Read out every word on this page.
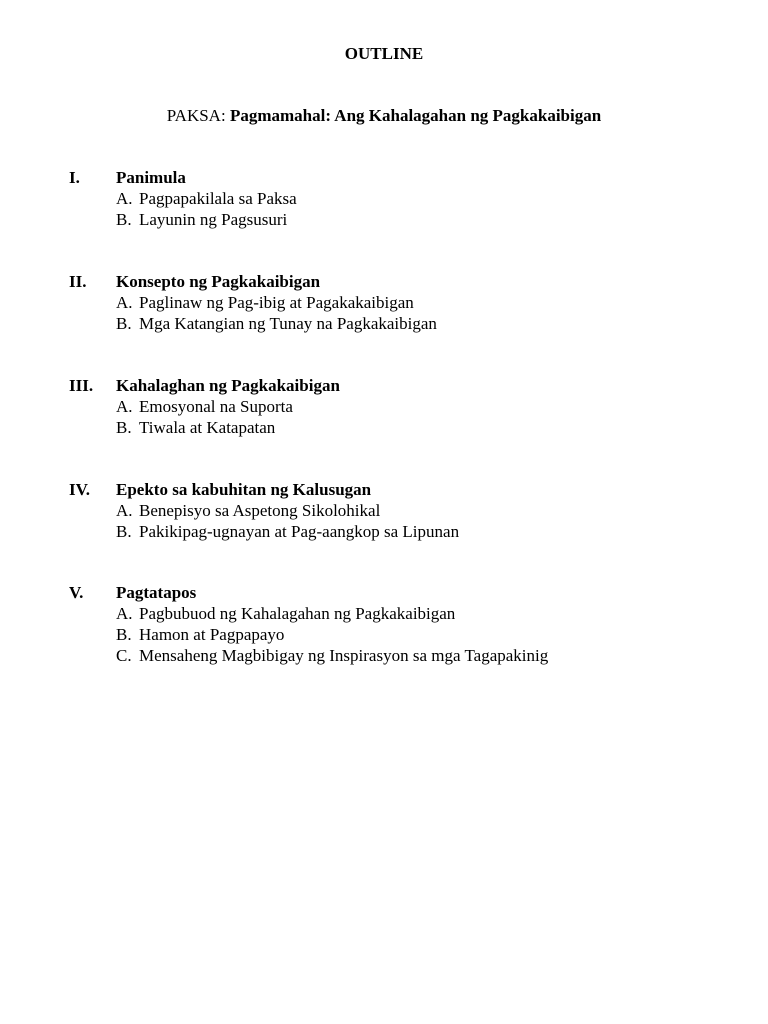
OUTLINE
PAKSA: Pagmamahal: Ang Kahalagahan ng Pagkakaibigan
I.	Panimula
A. Pagpapakilala sa Paksa
B. Layunin ng Pagsusuri
II.	Konsepto ng Pagkakaibigan
A. Paglinaw ng Pag-ibig at Pagakakaibigan
B. Mga Katangian ng Tunay na Pagkakaibigan
III.	Kahalaghan ng Pagkakaibigan
A. Emosyonal na Suporta
B. Tiwala at Katapatan
IV.	Epekto sa kabuhitan ng Kalusugan
A. Benepisyo sa Aspetong Sikolohikal
B. Pakikipag-ugnayan at Pag-aangkop sa Lipunan
V.	Pagtatapos
A. Pagbubuod ng Kahalagahan ng Pagkakaibigan
B. Hamon at Pagpapayo
C. Mensaheng Magbibigay ng Inspirasyon sa mga Tagapakinig
